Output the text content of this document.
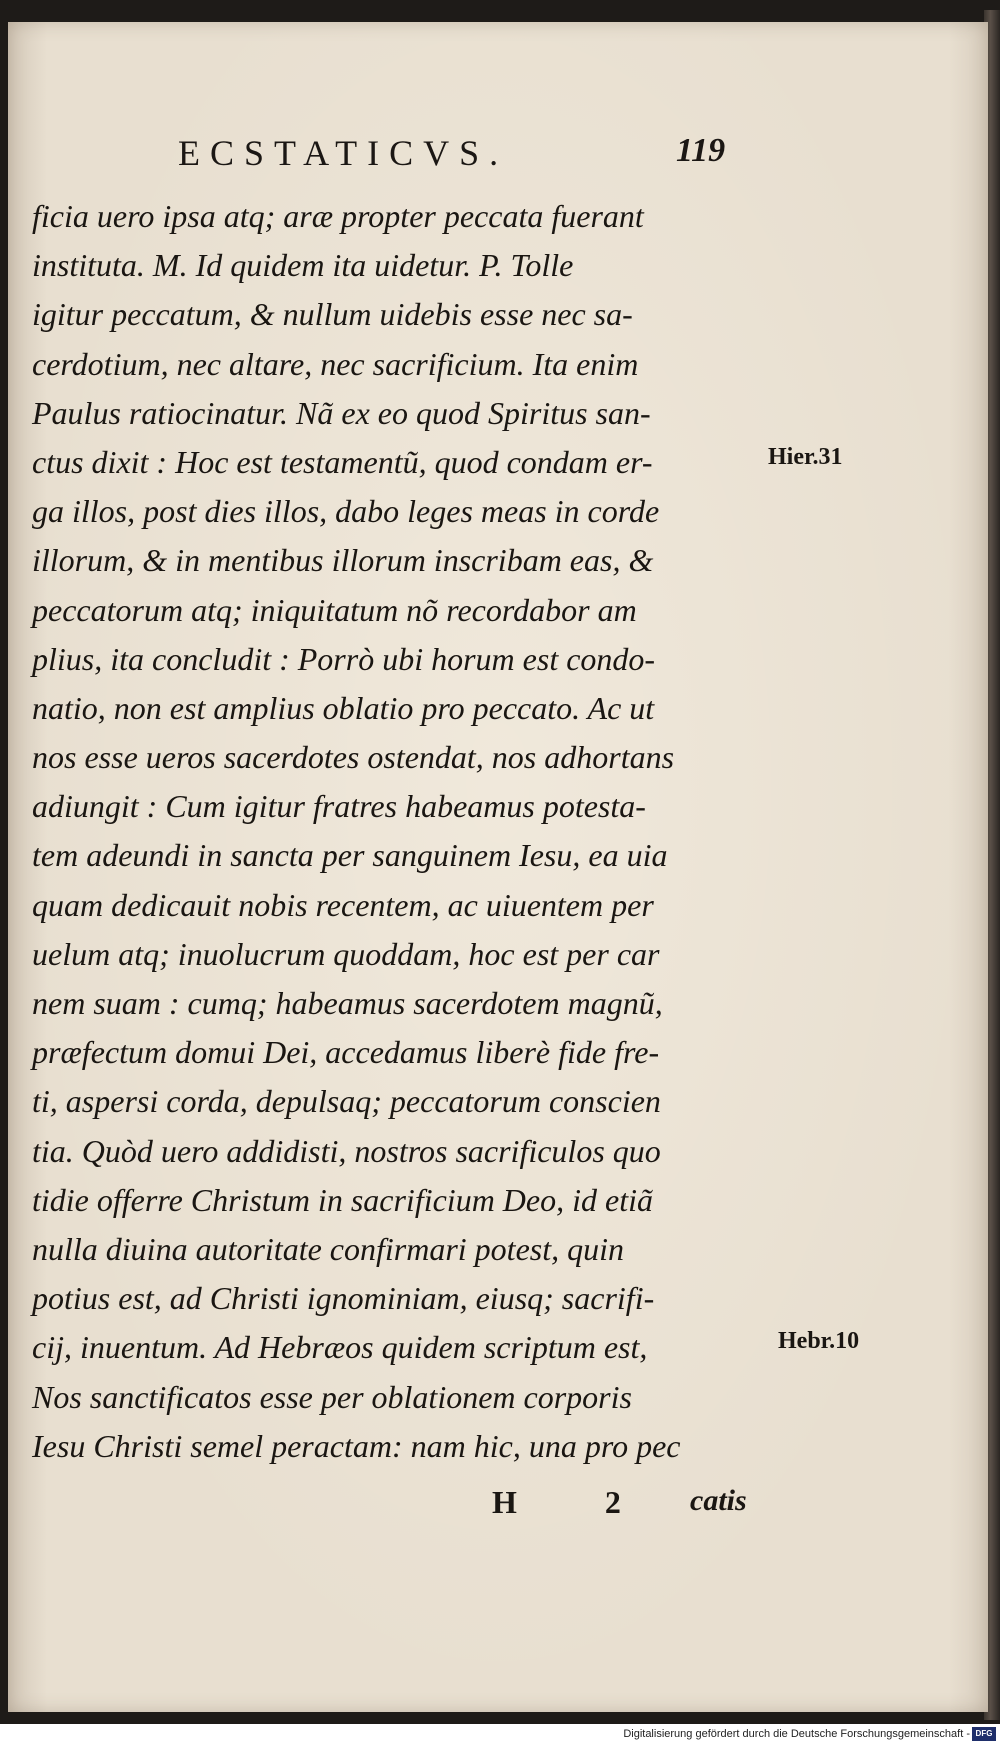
ECSTATICVS.	119
ficia uero ipsa atq; aræ propter peccata fuerant
instituta. M. Id quidem ita uidetur. P. Tolle
igitur peccatum, & nullum uidebis esse nec sa-
cerdotium, nec altare, nec sacrificium. Ita enim
Paulus ratiocinatur. Nã ex eo quod Spiritus san-
ctus dixit : Hoc est testamentũ, quod condam er-
ga illos, post dies illos, dabo leges meas in corde
illorum, & in mentibus illorum inscribam eas, &
peccatorum atq; iniquitatum nõ recordabor am
plius, ita concludit : Porrò ubi horum est condo-
natio, non est amplius oblatio pro peccato. Ac ut
nos esse ueros sacerdotes ostendat, nos adhortans
adiungit : Cum igitur fratres habeamus potesta-
tem adeundi in sancta per sanguinem Iesu, ea uia
quam dedicauit nobis recentem, ac uiuentem per
uelum atq; inuolucrum quoddam, hoc est per car
nem suam : cumq; habeamus sacerdotem magnũ,
præfectum domui Dei, accedamus liberè fide fre-
ti, aspersi corda, depulsaq; peccatorum conscien
tia. Quòd uero addidisti, nostros sacrificulos quo
tidie offerre Christum in sacrificium Deo, id etiã
nulla diuina autoritate confirmari potest, quin
potius est, ad Christi ignominiam, eiusq; sacrifi-
cij, inuentum. Ad Hebræos quidem scriptum est,
Nos sanctificatos esse per oblationem corporis
Iesu Christi semel peractam: nam hic, una pro pec
Hier.31
Hebr.10
H 2 catis
Digitalisierung gefördert durch die Deutsche Forschungsgemeinschaft - DFG
